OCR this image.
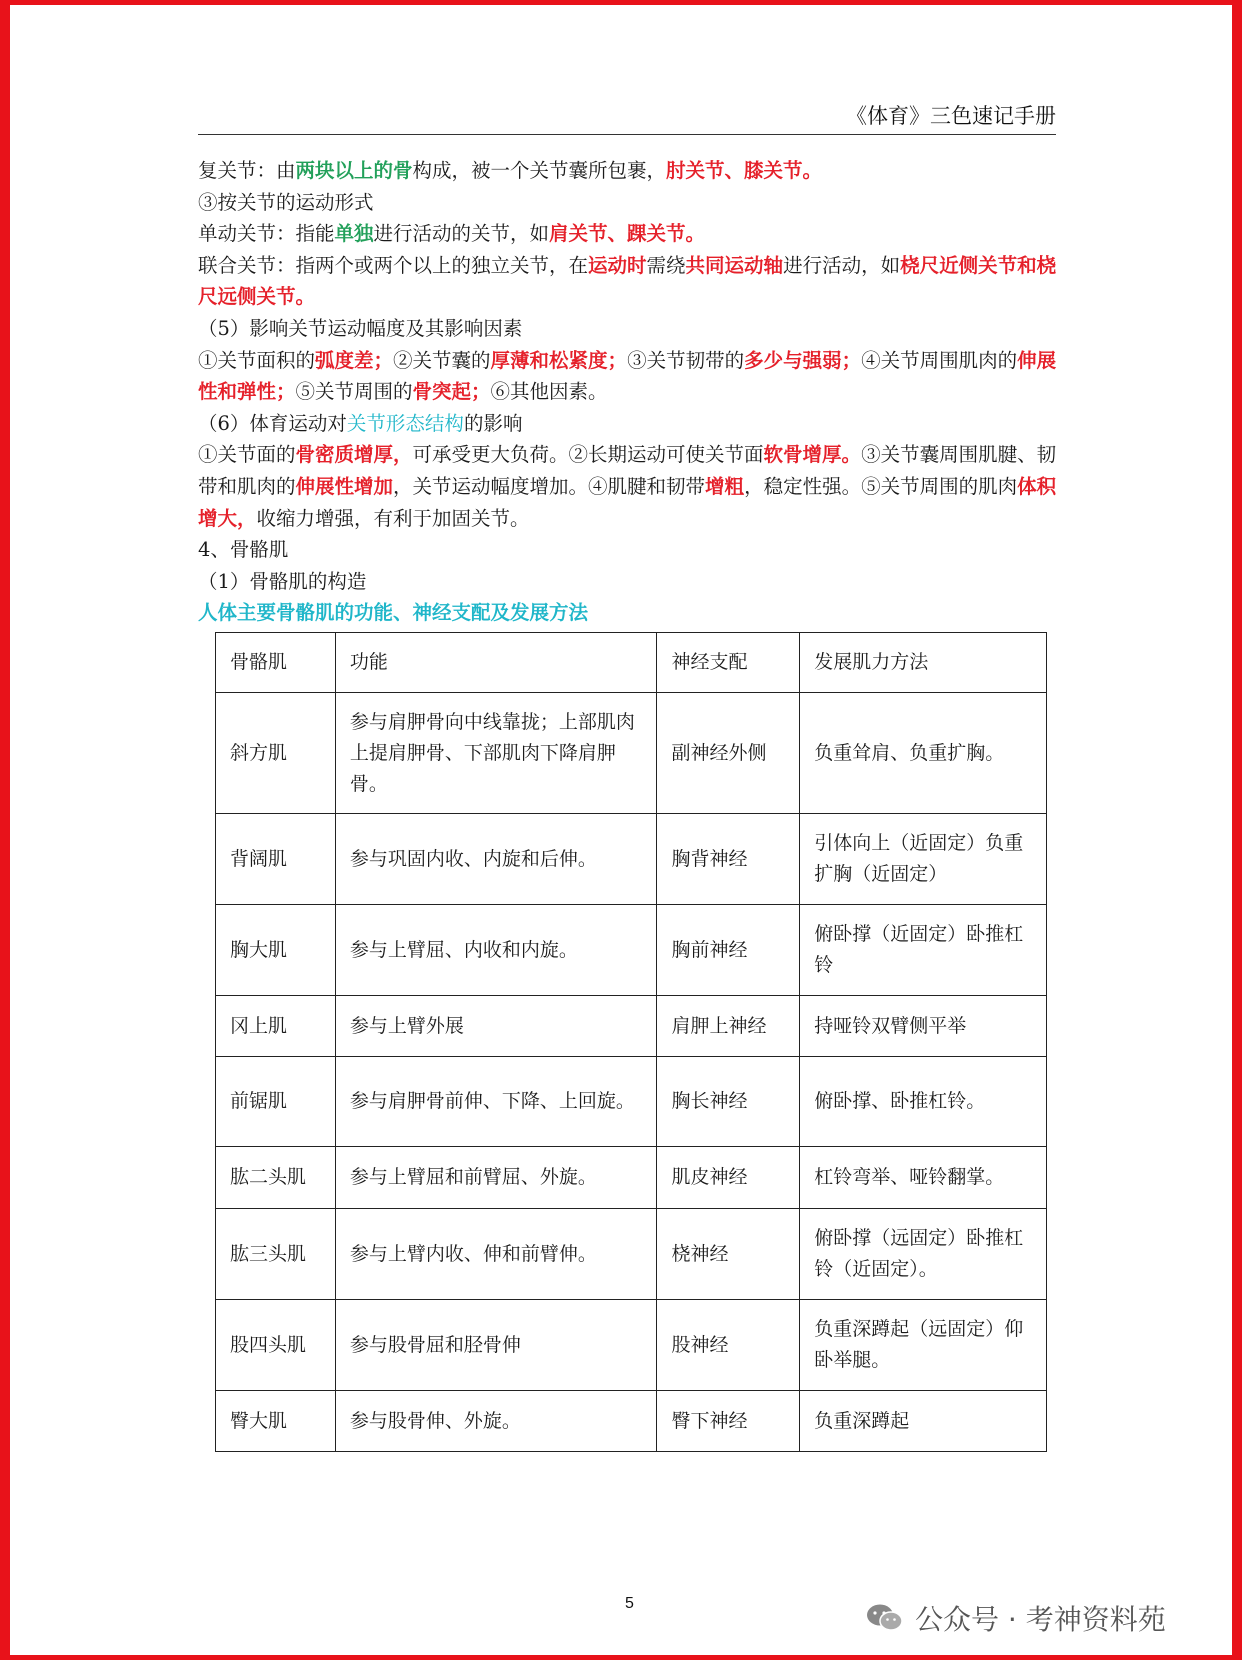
《体育》三色速记手册

复关节：由两块以上的骨构成，被一个关节囊所包裹，肘关节、膝关节。

③按关节的运动形式

单动关节：指能单独进行活动的关节，如肩关节、踝关节。

联合关节：指两个或两个以上的独立关节，在运动时需绕共同运动轴进行活动，如桡尺近侧关节和桡尺远侧关节。

（5）影响关节运动幅度及其影响因素

①关节面积的弧度差；②关节囊的厚薄和松紧度；③关节韧带的多少与强弱；④关节周围肌肉的伸展性和弹性；⑤关节周围的骨突起；⑥其他因素。

（6）体育运动对关节形态结构的影响

①关节面的骨密质增厚，可承受更大负荷。②长期运动可使关节面软骨增厚。③关节囊周围肌腱、韧带和肌肉的伸展性增加，关节运动幅度增加。④肌腱和韧带增粗，稳定性强。⑤关节周围的肌肉体积增大，收缩力增强，有利于加固关节。

4、骨骼肌

（1）骨骼肌的构造

人体主要骨骼肌的功能、神经支配及发展方法

骨骼肌	功能	神经支配	发展肌力方法
斜方肌	参与肩胛骨向中线靠拢；上部肌肉上提肩胛骨、下部肌肉下降肩胛骨。	副神经外侧	负重耸肩、负重扩胸。
背阔肌	参与巩固内收、内旋和后伸。	胸背神经	引体向上（近固定）负重扩胸（近固定）
胸大肌	参与上臂屈、内收和内旋。	胸前神经	俯卧撑（近固定）卧推杠铃
冈上肌	参与上臂外展	肩胛上神经	持哑铃双臂侧平举
前锯肌	参与肩胛骨前伸、下降、上回旋。	胸长神经	俯卧撑、卧推杠铃。
肱二头肌	参与上臂屈和前臂屈、外旋。	肌皮神经	杠铃弯举、哑铃翻掌。
肱三头肌	参与上臂内收、伸和前臂伸。	桡神经	俯卧撑（远固定）卧推杠铃（近固定）。
股四头肌	参与股骨屈和胫骨伸	股神经	负重深蹲起（远固定）仰卧举腿。
臀大肌	参与股骨伸、外旋。	臀下神经	负重深蹲起
5	公众号 · 考神资料苑
